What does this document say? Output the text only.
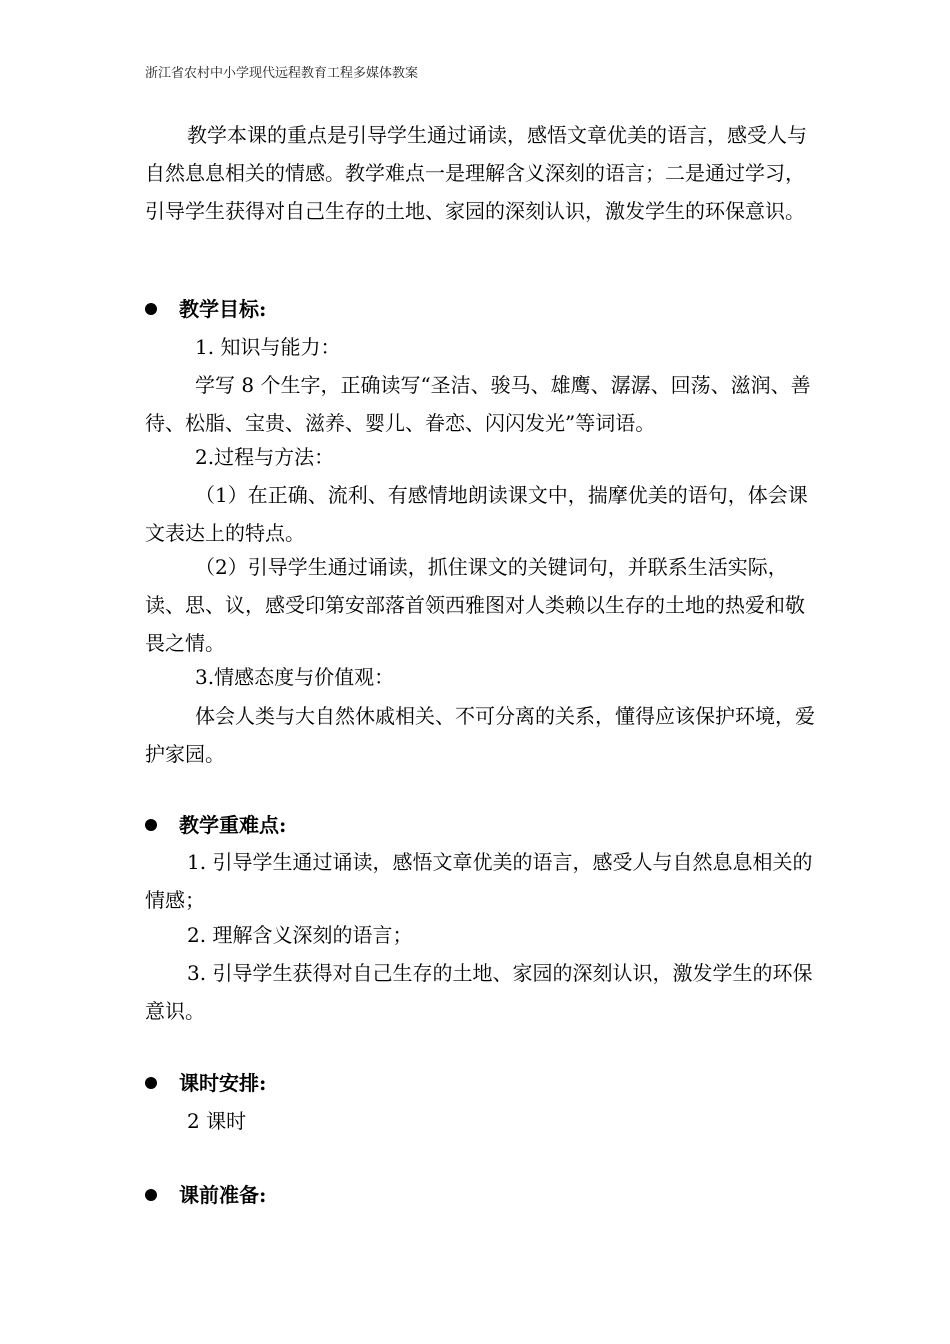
浙江省农村中小学现代远程教育工程多媒体教案

教学本课的重点是引导学生通过诵读，感悟文章优美的语言，感受人与自然息息相关的情感。教学难点一是理解含义深刻的语言；二是通过学习，引导学生获得对自己生存的土地、家园的深刻认识，激发学生的环保意识。

教学目标:
1. 知识与能力：

学写 8 个生字，正确读写“圣洁、骏马、雄鹰、潺潺、回荡、滋润、善待、松脂、宝贵、滋养、婴儿、眷恋、闪闪发光”等词语。

2.过程与方法：

（1）在正确、流利、有感情地朗读课文中，揣摩优美的语句，体会课文表达上的特点。

（2）引导学生通过诵读，抓住课文的关键词句，并联系生活实际，读、思、议，感受印第安部落首领西雅图对人类赖以生存的土地的热爱和敬畏之情。

3.情感态度与价值观：

体会人类与大自然休戚相关、不可分离的关系，懂得应该保护环境，爱护家园。

教学重难点:

1. 引导学生通过诵读，感悟文章优美的语言，感受人与自然息息相关的情感；

2. 理解含义深刻的语言；

3. 引导学生获得对自己生存的土地、家园的深刻认识，激发学生的环保意识。

课时安排:
2 课时
课前准备:
